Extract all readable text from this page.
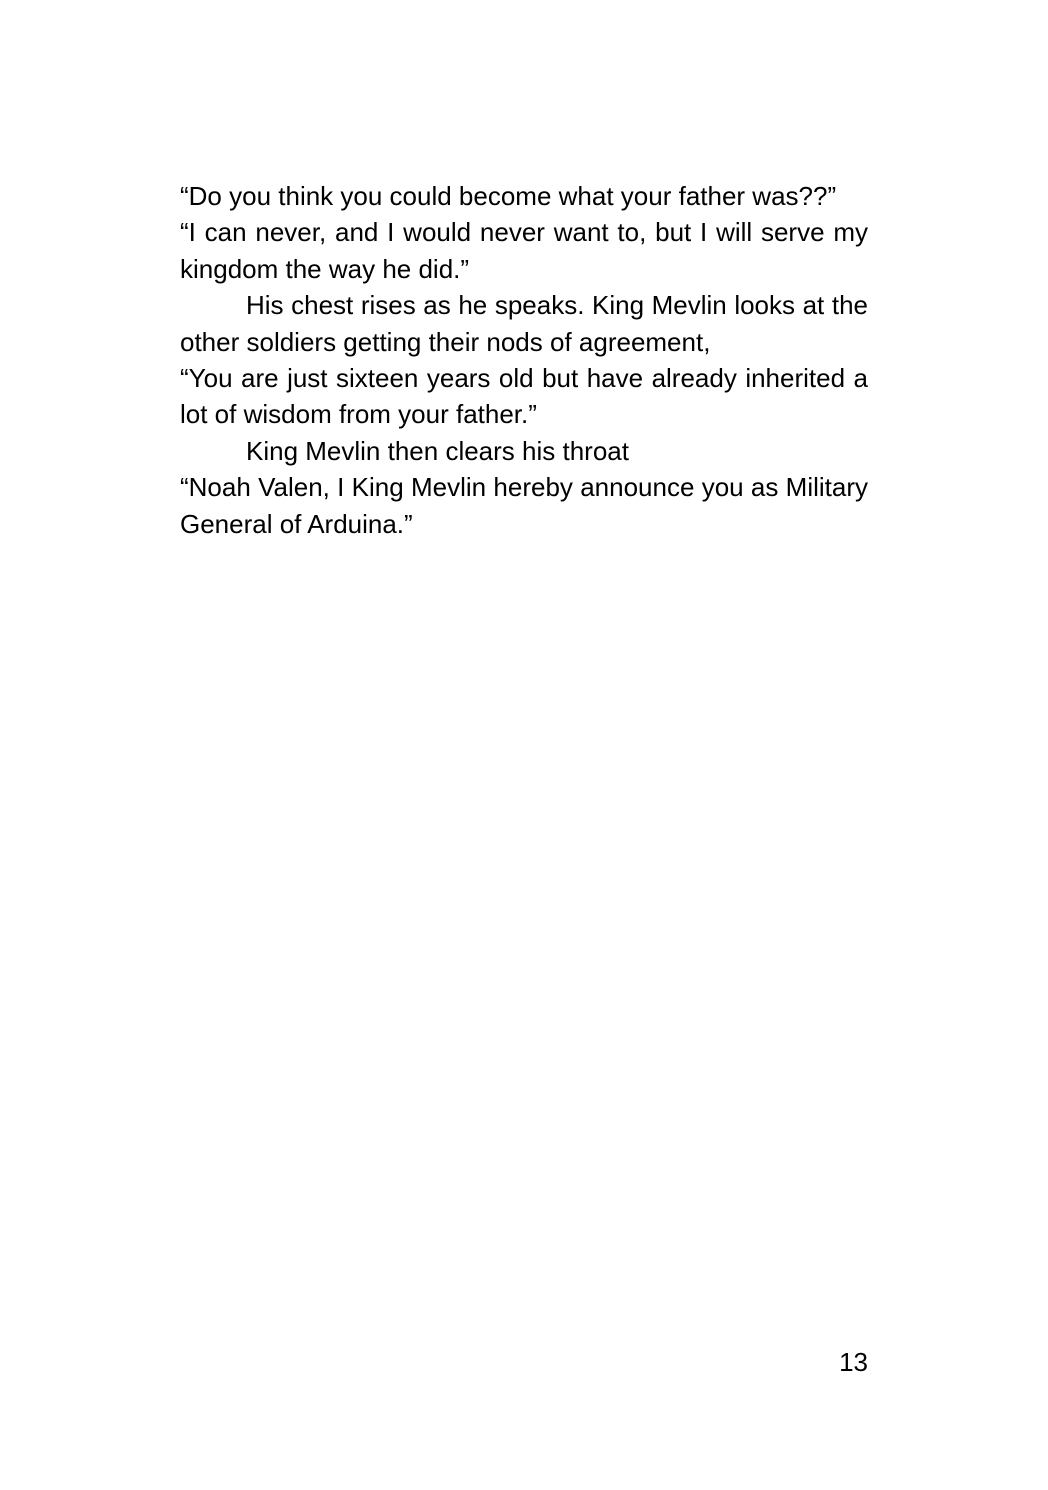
“Do you think you could become what your father was??”

“I can never, and I would never want to, but I will serve my kingdom the way he did.”

His chest rises as he speaks. King Mevlin looks at the other soldiers getting their nods of agreement,

“You are just sixteen years old but have already inherited a lot of wisdom from your father.”

King Mevlin then clears his throat

“Noah Valen, I King Mevlin hereby announce you as Military General of Arduina.”

13
